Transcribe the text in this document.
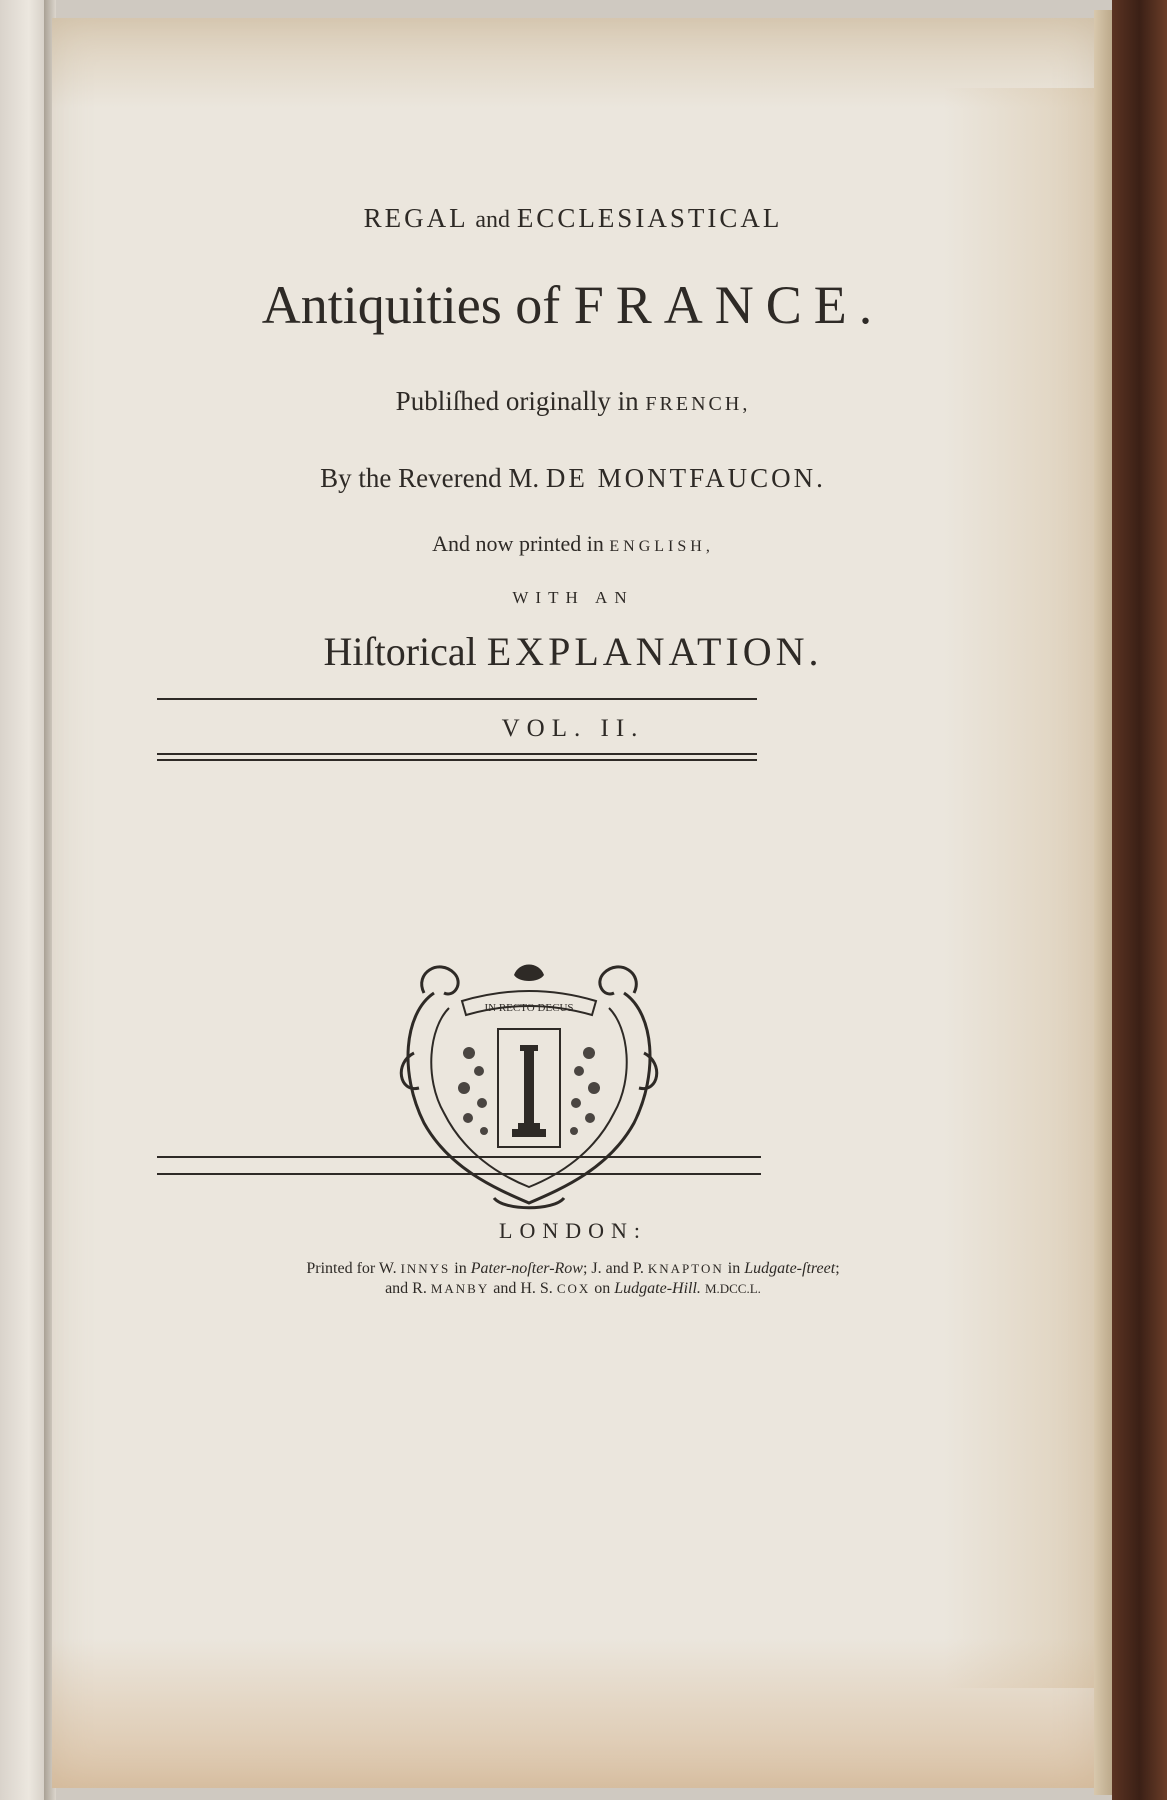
REGAL and ECCLESIASTICAL
Antiquities of FRANCE.
Publiſhed originally in FRENCH,
By the Reverend M. DE MONTFAUCON.
And now printed in ENGLISH,
WITH AN
Hiſtorical EXPLANATION.
VOL. II.
LONDON:
Printed for W. INNYS in Pater-noſter-Row; J. and P. KNAPTON in Ludgate-ſtreet;
and R. MANBY and H. S. COX on Ludgate-Hill. M.DCC.L.
IN RECTO DECUS
